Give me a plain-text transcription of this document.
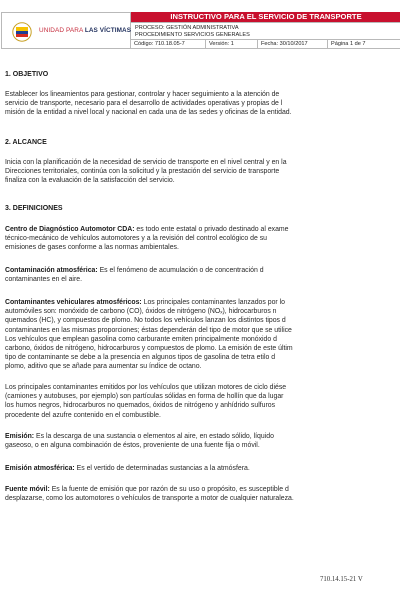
UNIDAD PARA LAS VÍCTIMAS
INSTRUCTIVO PARA EL SERVICIO DE TRANSPORTE
PROCESO: GESTIÓN ADMINISTRATIVA
PROCEDIMIENTO SERVICIOS GENERALES
Código: 710.18.05-7	Versión: 1	Fecha: 30/10/2017	Página 1 de 7
1. OBJETIVO
Establecer los lineamientos para gestionar, controlar y hacer seguimiento a la atención de
servicio de transporte, necesario para el desarrollo de actividades operativas y propias de l
misión de la entidad a nivel local y nacional en cada una de las sedes y oficinas de la entidad.
2. ALCANCE
Inicia con la planificación de la necesidad de servicio de transporte en el nivel central y en la
Direcciones territoriales, continúa con la solicitud y la prestación del servicio de transporte
finaliza con la evaluación de la satisfacción del servicio.
3. DEFINICIONES
Centro de Diagnóstico Automotor CDA: es todo ente estatal o privado destinado al exame
técnico-mecánico de vehículos automotores y a la revisión del control ecológico de su
emisiones de gases conforme a las normas ambientales.
Contaminación atmosférica: Es el fenómeno de acumulación o de concentración d
contaminantes en el aire.
Contaminantes vehiculares atmosféricos: Los principales contaminantes lanzados por lo
automóviles son: monóxido de carbono (CO), óxidos de nitrógeno (NOₓ), hidrocarburos n
quemados (HC), y compuestos de plomo. No todos los vehículos lanzan los distintos tipos d
contaminantes en las mismas proporciones; éstas dependerán del tipo de motor que se utilice
Los vehículos que emplean gasolina como carburante emiten principalmente monóxido d
carbono, óxidos de nitrógeno, hidrocarburos y compuestos de plomo. La emisión de este últim
tipo de contaminante se debe a la presencia en algunos tipos de gasolina de tetra etilo d
plomo, aditivo que se añade para aumentar su índice de octano.
Los principales contaminantes emitidos por los vehículos que utilizan motores de ciclo diése
(camiones y autobuses, por ejemplo) son partículas sólidas en forma de hollín que da lugar
los humos negros, hidrocarburos no quemados, óxidos de nitrógeno y anhídrido sulfuros
procedente del azufre contenido en el combustible.
Emisión: Es la descarga de una sustancia o elementos al aire, en estado sólido, líquido
gaseoso, o en alguna combinación de éstos, proveniente de una fuente fija o móvil.
Emisión atmosférica: Es el vertido de determinadas sustancias a la atmósfera.
Fuente móvil: Es la fuente de emisión que por razón de su uso o propósito, es susceptible d
desplazarse, como los automotores o vehículos de transporte a motor de cualquier naturaleza.
710.14.15-21 V
